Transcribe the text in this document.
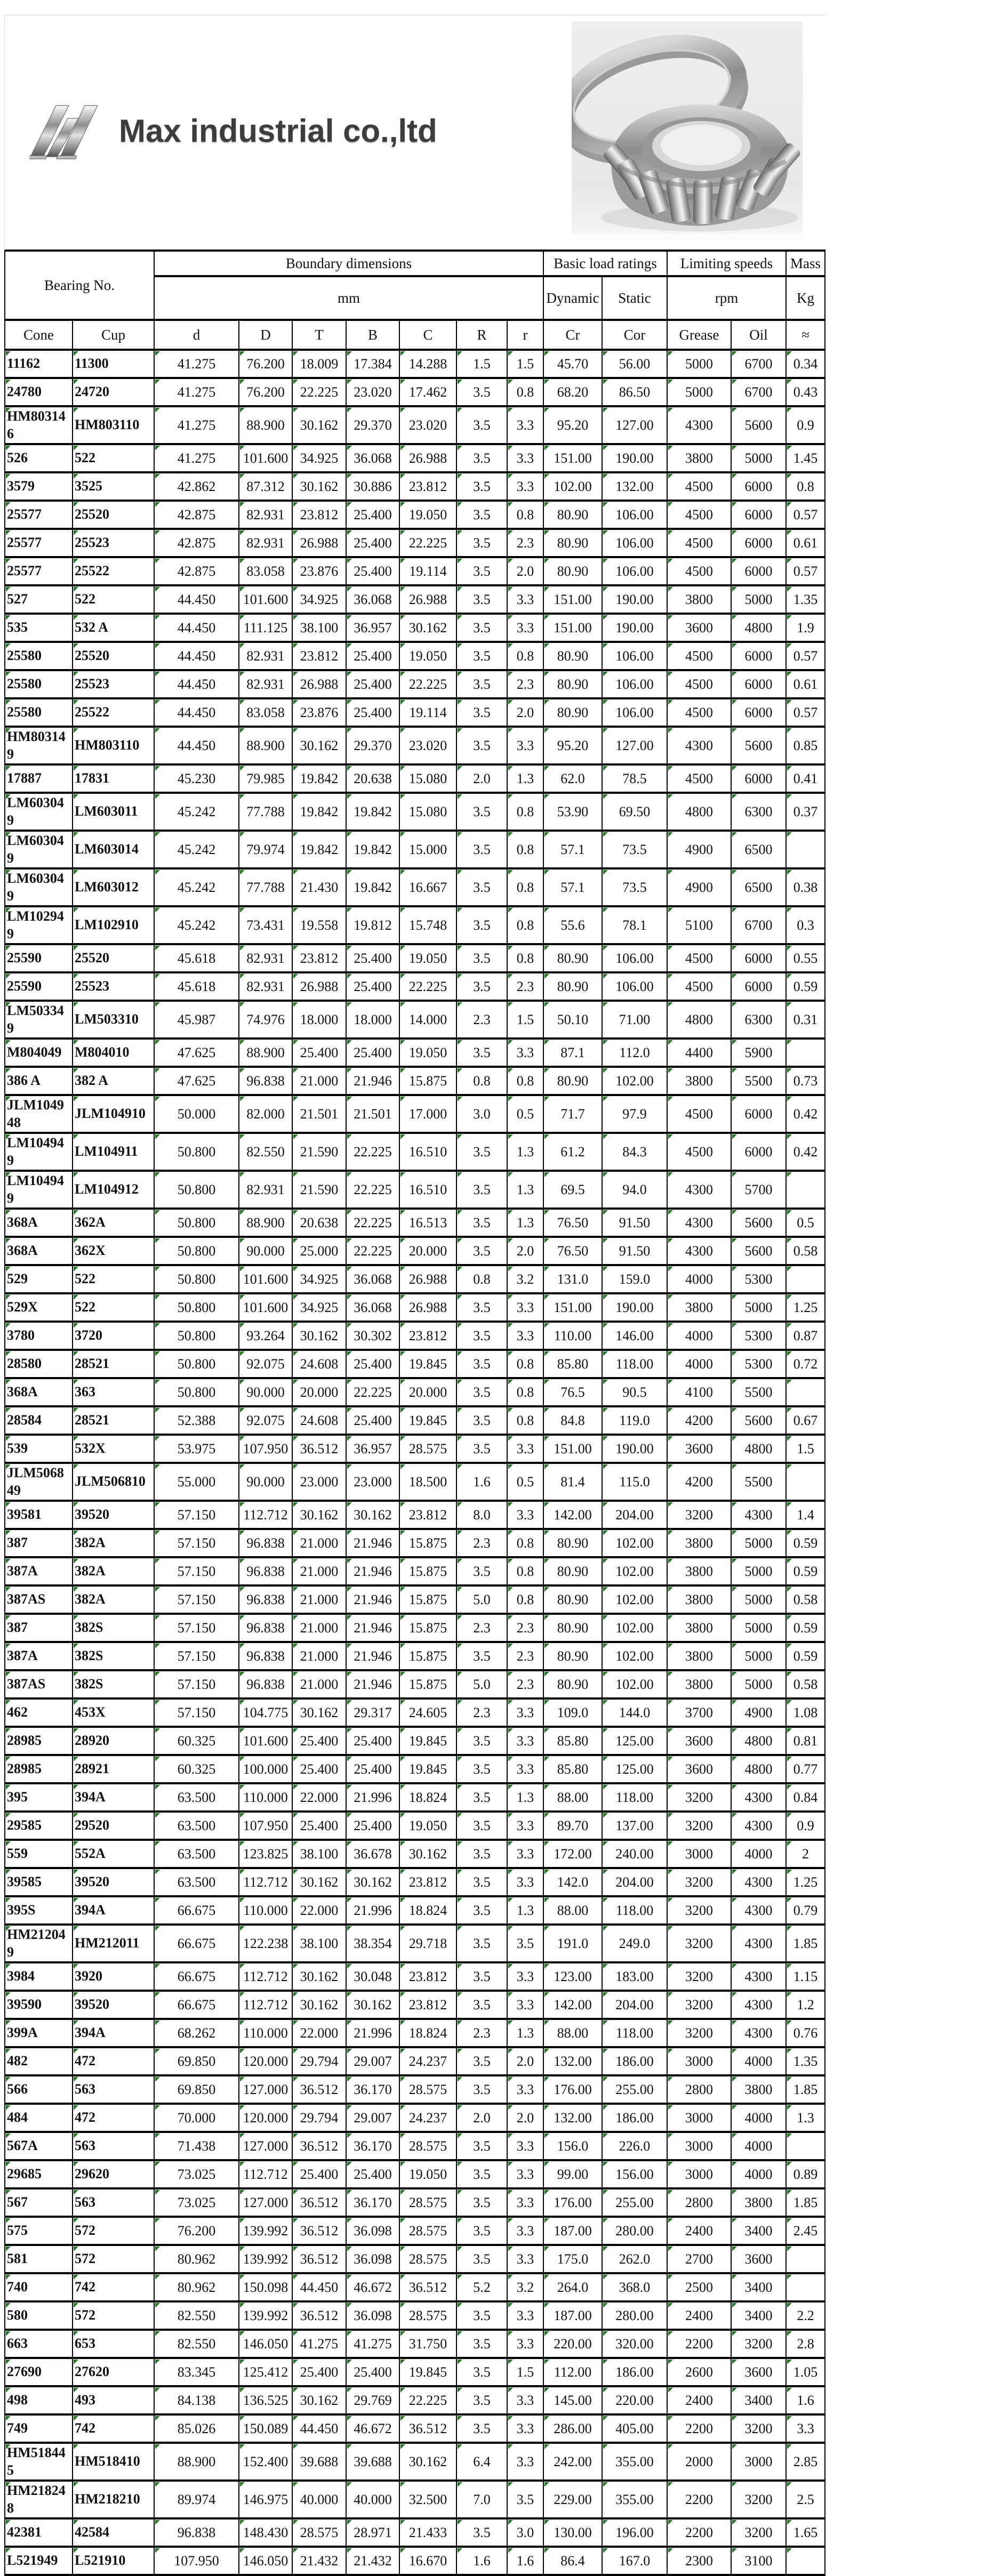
Max industrial co.,ltd
Bearing No.		Boundary dimensions							Basic load ratings		Limiting speeds		Mass
		mm							Dynamic	Static	rpm		Kg
Cone	Cup	d	D	T	B	C	R	r	Cr	Cor	Grease	Oil	≈
11162	11300	41.275	76.200	18.009	17.384	14.288	1.5	1.5	45.70	56.00	5000	6700	0.34
24780	24720	41.275	76.200	22.225	23.020	17.462	3.5	0.8	68.20	86.50	5000	6700	0.43
HM803146	HM803110	41.275	88.900	30.162	29.370	23.020	3.5	3.3	95.20	127.00	4300	5600	0.9
526	522	41.275	101.600	34.925	36.068	26.988	3.5	3.3	151.00	190.00	3800	5000	1.45
3579	3525	42.862	87.312	30.162	30.886	23.812	3.5	3.3	102.00	132.00	4500	6000	0.8
25577	25520	42.875	82.931	23.812	25.400	19.050	3.5	0.8	80.90	106.00	4500	6000	0.57
25577	25523	42.875	82.931	26.988	25.400	22.225	3.5	2.3	80.90	106.00	4500	6000	0.61
25577	25522	42.875	83.058	23.876	25.400	19.114	3.5	2.0	80.90	106.00	4500	6000	0.57
527	522	44.450	101.600	34.925	36.068	26.988	3.5	3.3	151.00	190.00	3800	5000	1.35
535	532 A	44.450	111.125	38.100	36.957	30.162	3.5	3.3	151.00	190.00	3600	4800	1.9
25580	25520	44.450	82.931	23.812	25.400	19.050	3.5	0.8	80.90	106.00	4500	6000	0.57
25580	25523	44.450	82.931	26.988	25.400	22.225	3.5	2.3	80.90	106.00	4500	6000	0.61
25580	25522	44.450	83.058	23.876	25.400	19.114	3.5	2.0	80.90	106.00	4500	6000	0.57
HM803149	HM803110	44.450	88.900	30.162	29.370	23.020	3.5	3.3	95.20	127.00	4300	5600	0.85
17887	17831	45.230	79.985	19.842	20.638	15.080	2.0	1.3	62.0	78.5	4500	6000	0.41
LM603049	LM603011	45.242	77.788	19.842	19.842	15.080	3.5	0.8	53.90	69.50	4800	6300	0.37
LM603049	LM603014	45.242	79.974	19.842	19.842	15.000	3.5	0.8	57.1	73.5	4900	6500	
LM603049	LM603012	45.242	77.788	21.430	19.842	16.667	3.5	0.8	57.1	73.5	4900	6500	0.38
LM102949	LM102910	45.242	73.431	19.558	19.812	15.748	3.5	0.8	55.6	78.1	5100	6700	0.3
25590	25520	45.618	82.931	23.812	25.400	19.050	3.5	0.8	80.90	106.00	4500	6000	0.55
25590	25523	45.618	82.931	26.988	25.400	22.225	3.5	2.3	80.90	106.00	4500	6000	0.59
LM503349	LM503310	45.987	74.976	18.000	18.000	14.000	2.3	1.5	50.10	71.00	4800	6300	0.31
M804049	M804010	47.625	88.900	25.400	25.400	19.050	3.5	3.3	87.1	112.0	4400	5900	
386 A	382 A	47.625	96.838	21.000	21.946	15.875	0.8	0.8	80.90	102.00	3800	5500	0.73
JLM104948	JLM104910	50.000	82.000	21.501	21.501	17.000	3.0	0.5	71.7	97.9	4500	6000	0.42
LM104949	LM104911	50.800	82.550	21.590	22.225	16.510	3.5	1.3	61.2	84.3	4500	6000	0.42
LM104949	LM104912	50.800	82.931	21.590	22.225	16.510	3.5	1.3	69.5	94.0	4300	5700	
368A	362A	50.800	88.900	20.638	22.225	16.513	3.5	1.3	76.50	91.50	4300	5600	0.5
368A	362X	50.800	90.000	25.000	22.225	20.000	3.5	2.0	76.50	91.50	4300	5600	0.58
529	522	50.800	101.600	34.925	36.068	26.988	0.8	3.2	131.0	159.0	4000	5300	
529X	522	50.800	101.600	34.925	36.068	26.988	3.5	3.3	151.00	190.00	3800	5000	1.25
3780	3720	50.800	93.264	30.162	30.302	23.812	3.5	3.3	110.00	146.00	4000	5300	0.87
28580	28521	50.800	92.075	24.608	25.400	19.845	3.5	0.8	85.80	118.00	4000	5300	0.72
368A	363	50.800	90.000	20.000	22.225	20.000	3.5	0.8	76.5	90.5	4100	5500	
28584	28521	52.388	92.075	24.608	25.400	19.845	3.5	0.8	84.8	119.0	4200	5600	0.67
539	532X	53.975	107.950	36.512	36.957	28.575	3.5	3.3	151.00	190.00	3600	4800	1.5
JLM506849	JLM506810	55.000	90.000	23.000	23.000	18.500	1.6	0.5	81.4	115.0	4200	5500	
39581	39520	57.150	112.712	30.162	30.162	23.812	8.0	3.3	142.00	204.00	3200	4300	1.4
387	382A	57.150	96.838	21.000	21.946	15.875	2.3	0.8	80.90	102.00	3800	5000	0.59
387A	382A	57.150	96.838	21.000	21.946	15.875	3.5	0.8	80.90	102.00	3800	5000	0.59
387AS	382A	57.150	96.838	21.000	21.946	15.875	5.0	0.8	80.90	102.00	3800	5000	0.58
387	382S	57.150	96.838	21.000	21.946	15.875	2.3	2.3	80.90	102.00	3800	5000	0.59
387A	382S	57.150	96.838	21.000	21.946	15.875	3.5	2.3	80.90	102.00	3800	5000	0.59
387AS	382S	57.150	96.838	21.000	21.946	15.875	5.0	2.3	80.90	102.00	3800	5000	0.58
462	453X	57.150	104.775	30.162	29.317	24.605	2.3	3.3	109.0	144.0	3700	4900	1.08
28985	28920	60.325	101.600	25.400	25.400	19.845	3.5	3.3	85.80	125.00	3600	4800	0.81
28985	28921	60.325	100.000	25.400	25.400	19.845	3.5	3.3	85.80	125.00	3600	4800	0.77
395	394A	63.500	110.000	22.000	21.996	18.824	3.5	1.3	88.00	118.00	3200	4300	0.84
29585	29520	63.500	107.950	25.400	25.400	19.050	3.5	3.3	89.70	137.00	3200	4300	0.9
559	552A	63.500	123.825	38.100	36.678	30.162	3.5	3.3	172.00	240.00	3000	4000	2
39585	39520	63.500	112.712	30.162	30.162	23.812	3.5	3.3	142.0	204.00	3200	4300	1.25
395S	394A	66.675	110.000	22.000	21.996	18.824	3.5	1.3	88.00	118.00	3200	4300	0.79
HM212049	HM212011	66.675	122.238	38.100	38.354	29.718	3.5	3.5	191.0	249.0	3200	4300	1.85
3984	3920	66.675	112.712	30.162	30.048	23.812	3.5	3.3	123.00	183.00	3200	4300	1.15
39590	39520	66.675	112.712	30.162	30.162	23.812	3.5	3.3	142.00	204.00	3200	4300	1.2
399A	394A	68.262	110.000	22.000	21.996	18.824	2.3	1.3	88.00	118.00	3200	4300	0.76
482	472	69.850	120.000	29.794	29.007	24.237	3.5	2.0	132.00	186.00	3000	4000	1.35
566	563	69.850	127.000	36.512	36.170	28.575	3.5	3.3	176.00	255.00	2800	3800	1.85
484	472	70.000	120.000	29.794	29.007	24.237	2.0	2.0	132.00	186.00	3000	4000	1.3
567A	563	71.438	127.000	36.512	36.170	28.575	3.5	3.3	156.0	226.0	3000	4000	
29685	29620	73.025	112.712	25.400	25.400	19.050	3.5	3.3	99.00	156.00	3000	4000	0.89
567	563	73.025	127.000	36.512	36.170	28.575	3.5	3.3	176.00	255.00	2800	3800	1.85
575	572	76.200	139.992	36.512	36.098	28.575	3.5	3.3	187.00	280.00	2400	3400	2.45
581	572	80.962	139.992	36.512	36.098	28.575	3.5	3.3	175.0	262.0	2700	3600	
740	742	80.962	150.098	44.450	46.672	36.512	5.2	3.2	264.0	368.0	2500	3400	
580	572	82.550	139.992	36.512	36.098	28.575	3.5	3.3	187.00	280.00	2400	3400	2.2
663	653	82.550	146.050	41.275	41.275	31.750	3.5	3.3	220.00	320.00	2200	3200	2.8
27690	27620	83.345	125.412	25.400	25.400	19.845	3.5	1.5	112.00	186.00	2600	3600	1.05
498	493	84.138	136.525	30.162	29.769	22.225	3.5	3.3	145.00	220.00	2400	3400	1.6
749	742	85.026	150.089	44.450	46.672	36.512	3.5	3.3	286.00	405.00	2200	3200	3.3
HM518445	HM518410	88.900	152.400	39.688	39.688	30.162	6.4	3.3	242.00	355.00	2000	3000	2.85
HM218248	HM218210	89.974	146.975	40.000	40.000	32.500	7.0	3.5	229.00	355.00	2200	3200	2.5
42381	42584	96.838	148.430	28.575	28.971	21.433	3.5	3.0	130.00	196.00	2200	3200	1.65
L521949	L521910	107.950	146.050	21.432	21.432	16.670	1.6	1.6	86.4	167.0	2300	3100	
